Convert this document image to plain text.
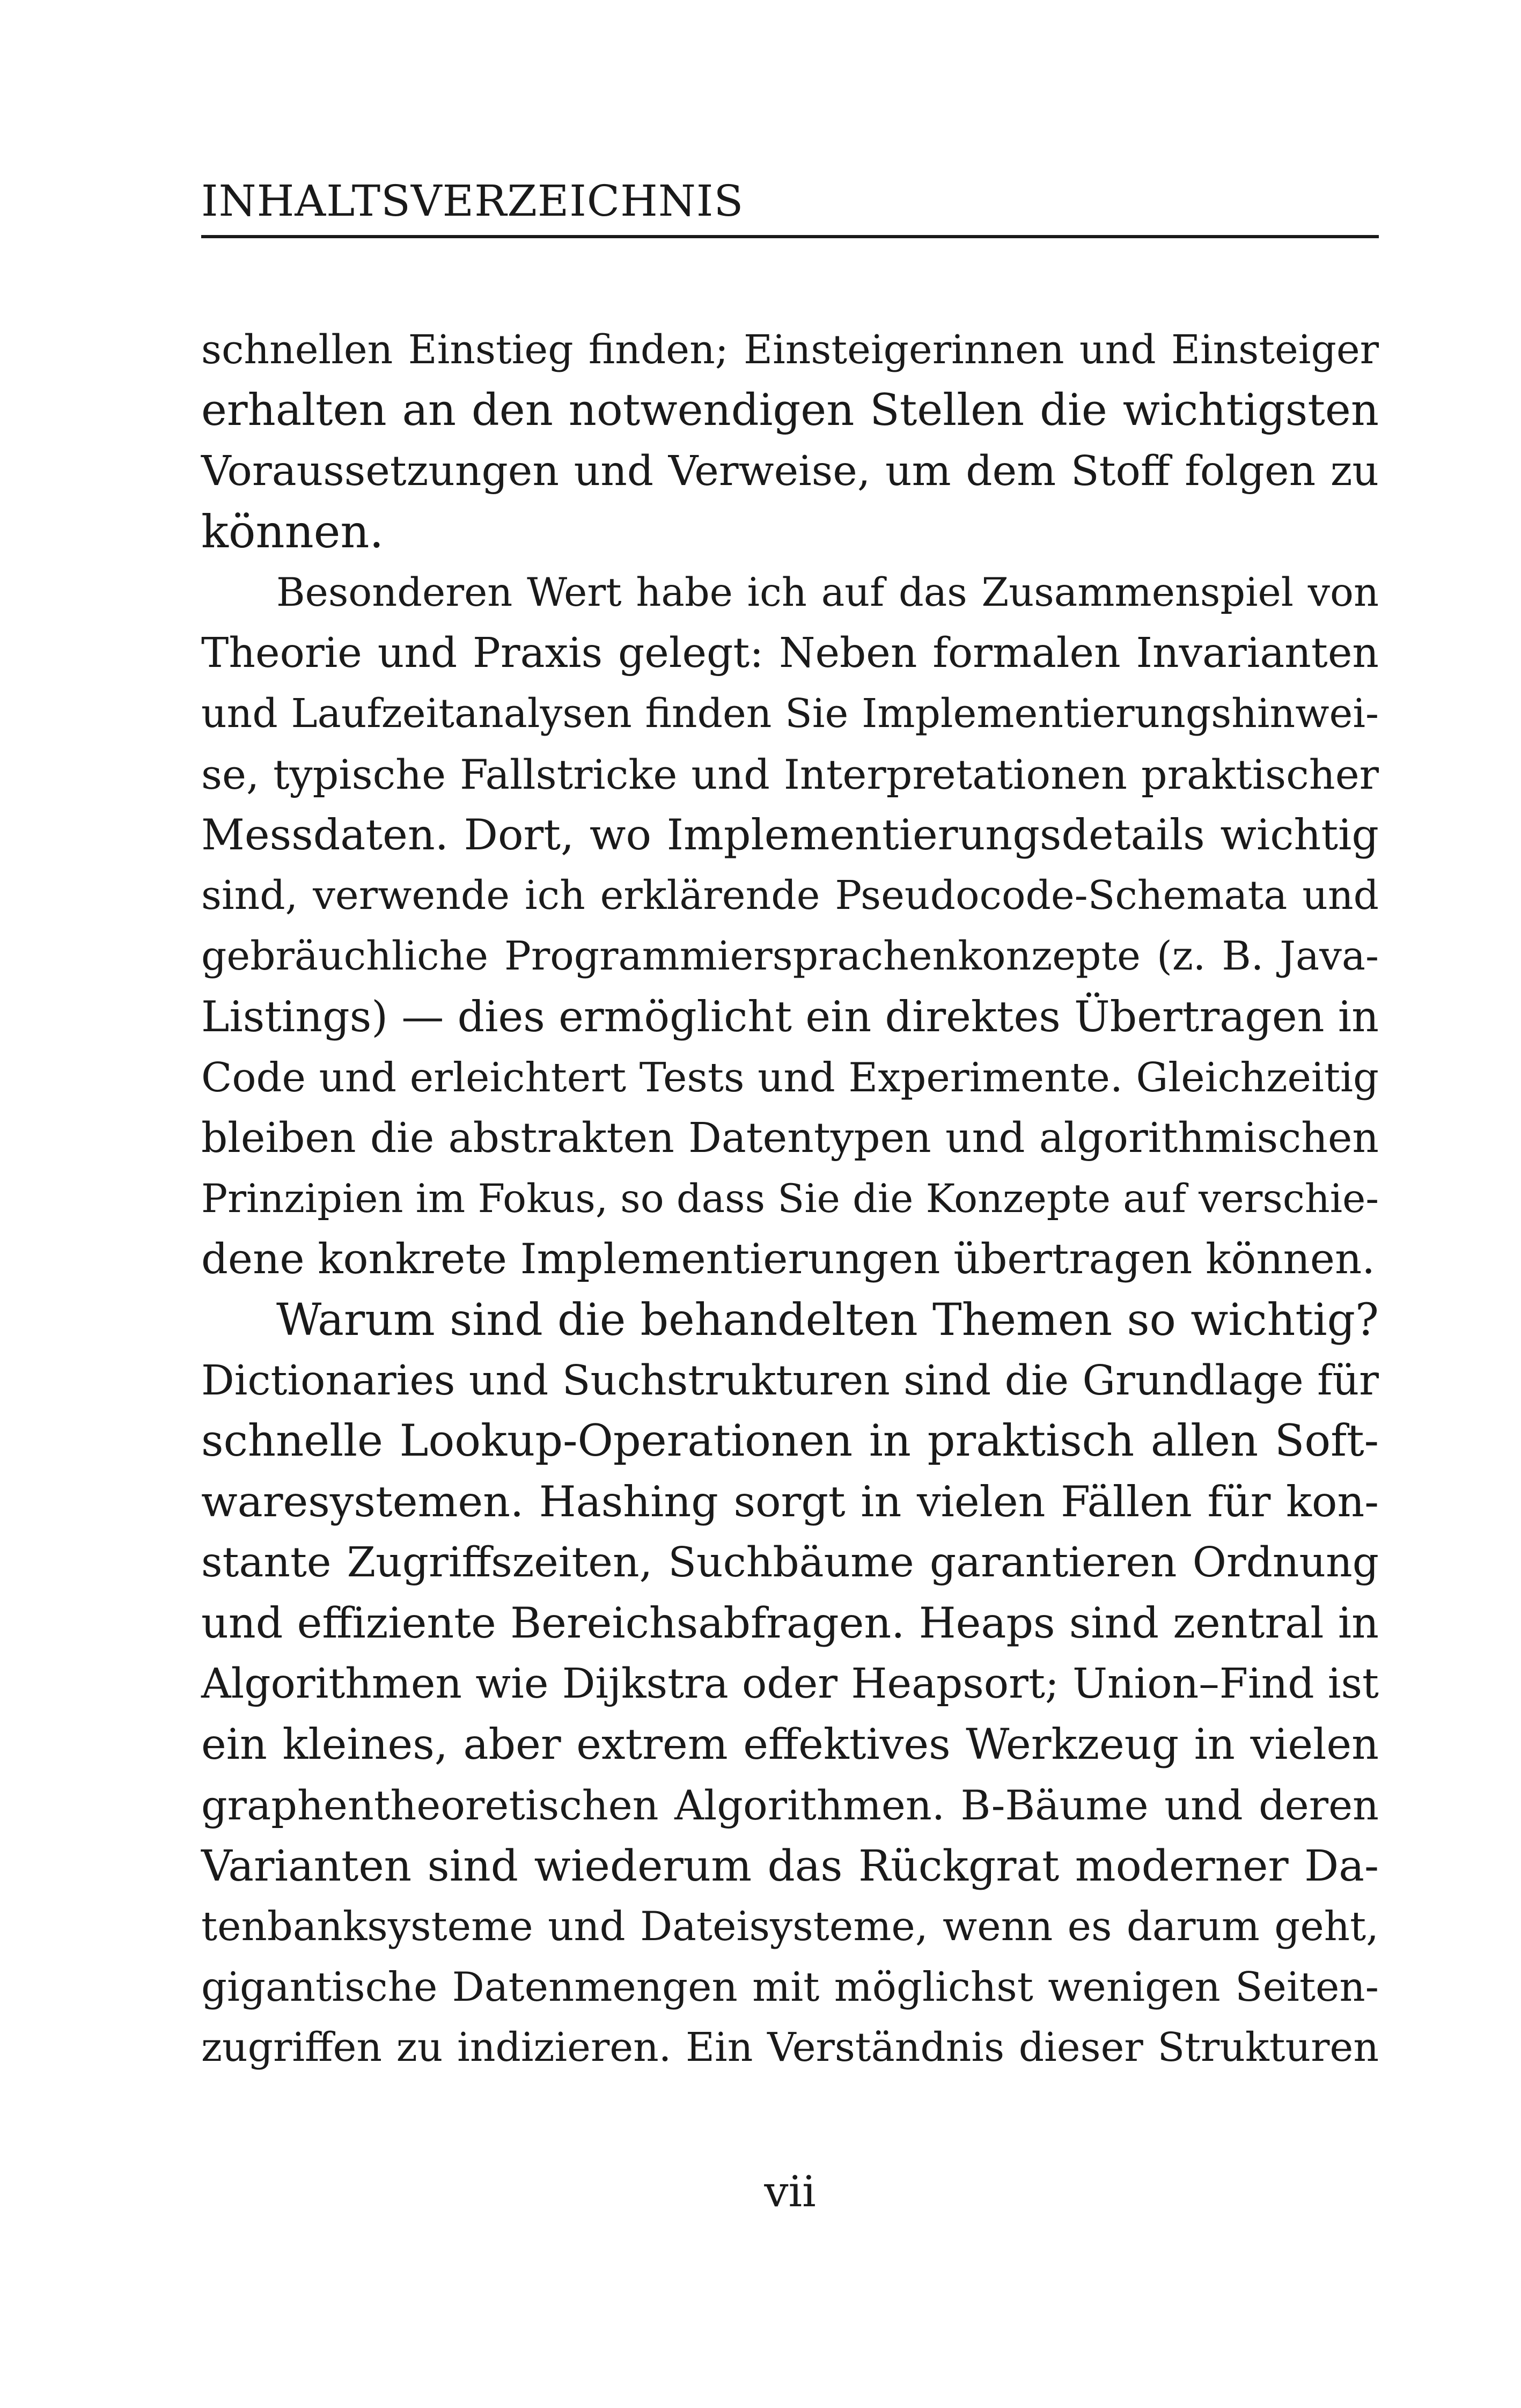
INHALTSVERZEICHNIS
schnellen Einstieg finden; Einsteigerinnen und Einsteiger
erhalten an den notwendigen Stellen die wichtigsten
Voraussetzungen und Verweise, um dem Stoff folgen zu
können.
Besonderen Wert habe ich auf das Zusammenspiel von
Theorie und Praxis gelegt: Neben formalen Invarianten
und Laufzeitanalysen finden Sie Implementierungshinwei-
se, typische Fallstricke und Interpretationen praktischer
Messdaten. Dort, wo Implementierungsdetails wichtig
sind, verwende ich erklärende Pseudocode-Schemata und
gebräuchliche Programmiersprachenkonzepte (z. B. Java-
Listings) — dies ermöglicht ein direktes Übertragen in
Code und erleichtert Tests und Experimente. Gleichzeitig
bleiben die abstrakten Datentypen und algorithmischen
Prinzipien im Fokus, so dass Sie die Konzepte auf verschie-
dene konkrete Implementierungen übertragen können.
Warum sind die behandelten Themen so wichtig?
Dictionaries und Suchstrukturen sind die Grundlage für
schnelle Lookup-Operationen in praktisch allen Soft-
waresystemen. Hashing sorgt in vielen Fällen für kon-
stante Zugriffszeiten, Suchbäume garantieren Ordnung
und effiziente Bereichsabfragen. Heaps sind zentral in
Algorithmen wie Dijkstra oder Heapsort; Union–Find ist
ein kleines, aber extrem effektives Werkzeug in vielen
graphentheoretischen Algorithmen. B-Bäume und deren
Varianten sind wiederum das Rückgrat moderner Da-
tenbanksysteme und Dateisysteme, wenn es darum geht,
gigantische Datenmengen mit möglichst wenigen Seiten-
zugriffen zu indizieren. Ein Verständnis dieser Strukturen
vii
